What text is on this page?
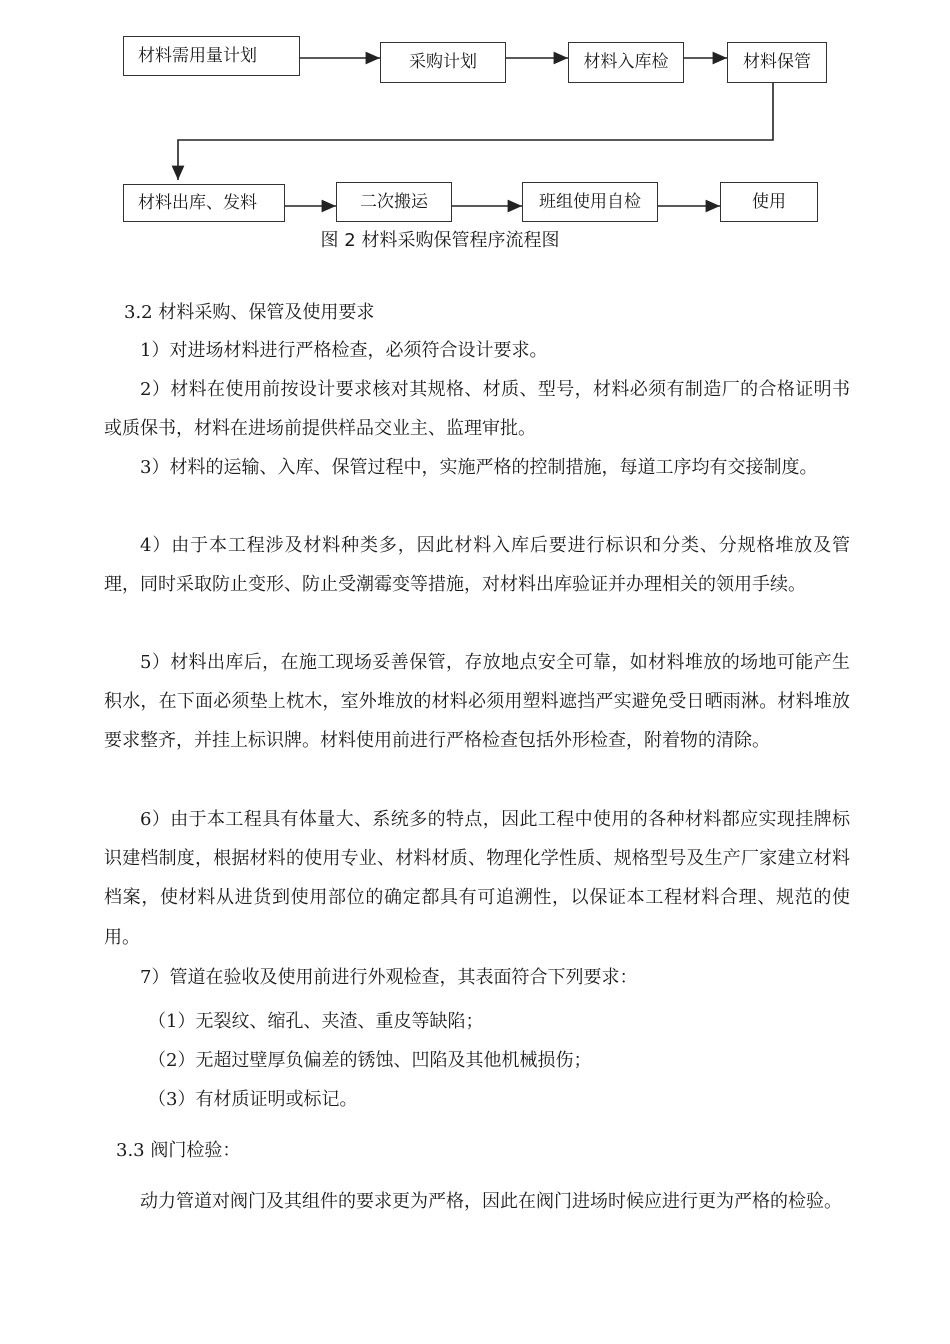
材料需用量计划	采购计划	材料入库检	材料保管
材料出库、发料	二次搬运	班组使用自检	使用
图 2 材料采购保管程序流程图
3.2 材料采购、保管及使用要求

1）对进场材料进行严格检查，必须符合设计要求。

2）材料在使用前按设计要求核对其规格、材质、型号，材料必须有制造厂的合格证明书或质保书，材料在进场前提供样品交业主、监理审批。

3）材料的运输、入库、保管过程中，实施严格的控制措施，每道工序均有交接制度。

4）由于本工程涉及材料种类多，因此材料入库后要进行标识和分类、分规格堆放及管理，同时采取防止变形、防止受潮霉变等措施，对材料出库验证并办理相关的领用手续。

5）材料出库后，在施工现场妥善保管，存放地点安全可靠，如材料堆放的场地可能产生积水，在下面必须垫上枕木，室外堆放的材料必须用塑料遮挡严实避免受日晒雨淋。材料堆放要求整齐，并挂上标识牌。材料使用前进行严格检查包括外形检查，附着物的清除。

6）由于本工程具有体量大、系统多的特点，因此工程中使用的各种材料都应实现挂牌标识建档制度，根据材料的使用专业、材料材质、物理化学性质、规格型号及生产厂家建立材料档案，使材料从进货到使用部位的确定都具有可追溯性，以保证本工程材料合理、规范的使用。

7）管道在验收及使用前进行外观检查，其表面符合下列要求：

（1）无裂纹、缩孔、夹渣、重皮等缺陷；
（2）无超过壁厚负偏差的锈蚀、凹陷及其他机械损伤；
（3）有材质证明或标记。
3.3 阀门检验：

动力管道对阀门及其组件的要求更为严格，因此在阀门进场时候应进行更为严格的检验。
